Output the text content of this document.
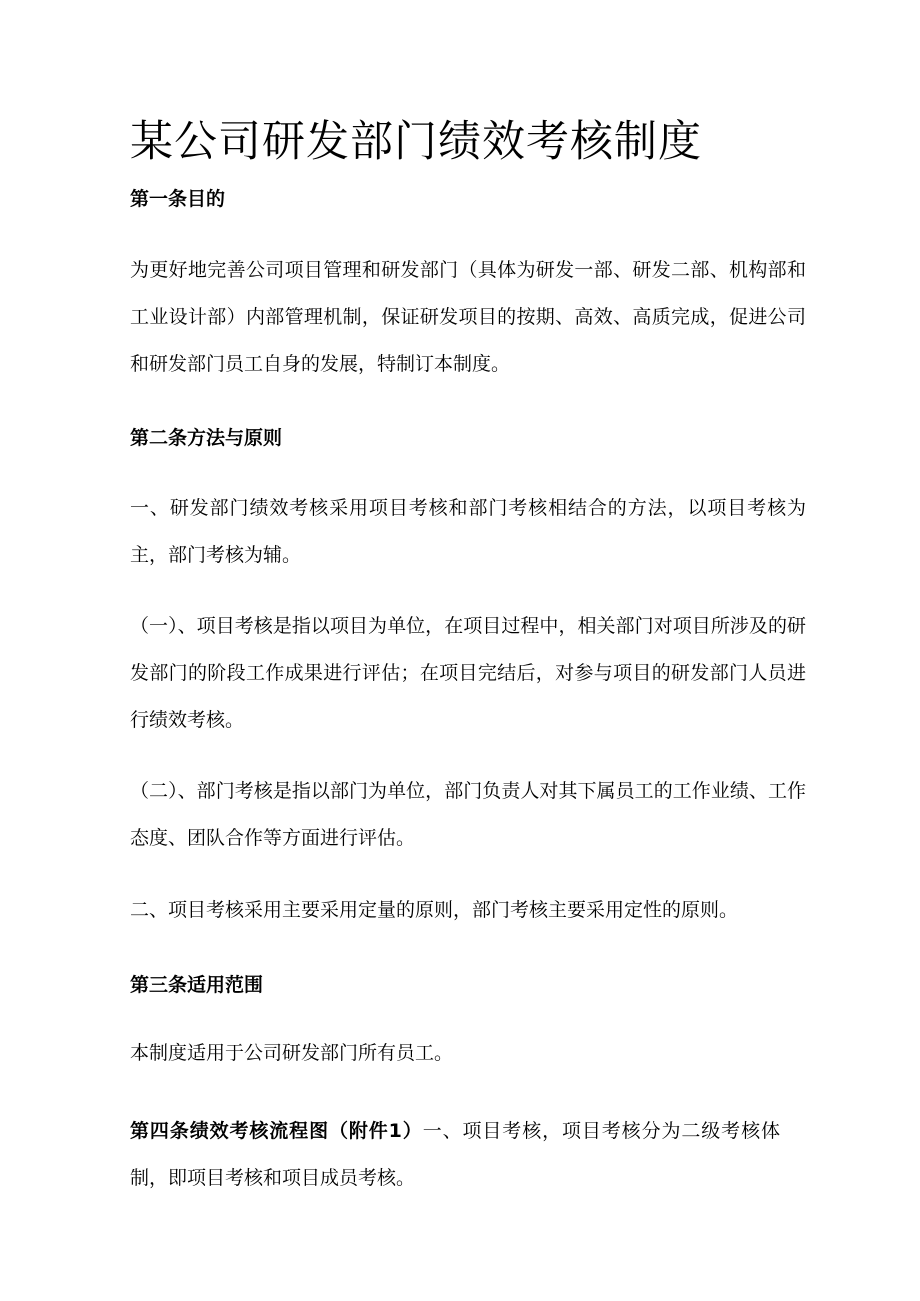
某公司研发部门绩效考核制度
第一条目的
为更好地完善公司项目管理和研发部门（具体为研发一部、研发二部、机构部和工业设计部）内部管理机制，保证研发项目的按期、高效、高质完成，促进公司和研发部门员工自身的发展，特制订本制度。
第二条方法与原则
一、研发部门绩效考核采用项目考核和部门考核相结合的方法，以项目考核为主，部门考核为辅。
（一）、项目考核是指以项目为单位，在项目过程中，相关部门对项目所涉及的研发部门的阶段工作成果进行评估；在项目完结后，对参与项目的研发部门人员进行绩效考核。
（二）、部门考核是指以部门为单位，部门负责人对其下属员工的工作业绩、工作态度、团队合作等方面进行评估。
二、项目考核采用主要采用定量的原则，部门考核主要采用定性的原则。
第三条适用范围
本制度适用于公司研发部门所有员工。
第四条绩效考核流程图（附件1）一、项目考核，项目考核分为二级考核体制，即项目考核和项目成员考核。
